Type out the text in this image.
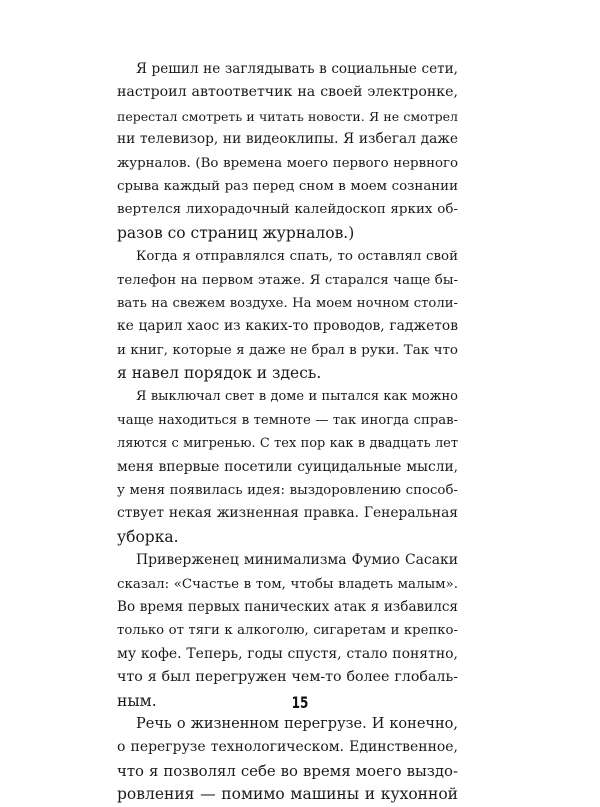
Я решил не заглядывать в социальные сети,
настроил автоответчик на своей электронке,
перестал смотреть и читать новости. Я не смотрел
ни телевизор, ни видеоклипы. Я избегал даже
журналов. (Во времена моего первого нервного
срыва каждый раз перед сном в моем сознании
вертелся лихорадочный калейдоскоп ярких об-
разов со страниц журналов.)
Когда я отправлялся спать, то оставлял свой
телефон на первом этаже. Я старался чаще бы-
вать на свежем воздухе. На моем ночном столи-
ке царил хаос из каких-то проводов, гаджетов
и книг, которые я даже не брал в руки. Так что
я навел порядок и здесь.
Я выключал свет в доме и пытался как можно
чаще находиться в темноте — так иногда справ-
ляются с мигренью. С тех пор как в двадцать лет
меня впервые посетили суицидальные мысли,
у меня появилась идея: выздоровлению способ-
ствует некая жизненная правка. Генеральная
уборка.
Приверженец минимализма Фумио Сасаки
сказал: «Счастье в том, чтобы владеть малым».
Во время первых панических атак я избавился
только от тяги к алкоголю, сигаретам и крепко-
му кофе. Теперь, годы спустя, стало понятно,
что я был перегружен чем-то более глобаль-
ным.
Речь о жизненном перегрузе. И конечно,
о перегрузе технологическом. Единственное,
что я позволял себе во время моего выздо-
ровления — помимо машины и кухонной
15
